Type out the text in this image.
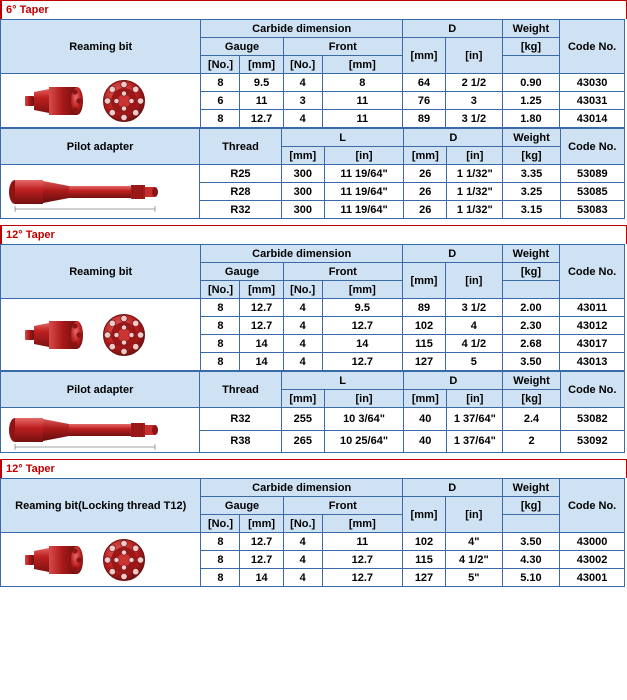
6° Taper
Reaming bit	Carbide dimension				D		Weight	Code No.
	Gauge		Front		[mm]	[in]	[kg]	
	[No.]	[mm]	[No.]	[mm]				

	8	9.5	4	8	64	2 1/2	0.90	43030
	6	11	3	11	76	3	1.25	43031
	8	12.7	4	11	89	3 1/2	1.80	43014
Pilot adapter	Thread	L		D		Weight	Code No.
		[mm]	[in]	[mm]	[in]	[kg]	

	R25	300	11 19/64"	26	1 1/32"	3.35	53089
	R28	300	11 19/64"	26	1 1/32"	3.25	53085
	R32	300	11 19/64"	26	1 1/32"	3.15	53083
12° Taper
Reaming bit	Carbide dimension				D		Weight	Code No.
	Gauge		Front		[mm]	[in]	[kg]	
	[No.]	[mm]	[No.]	[mm]				

	8	12.7	4	9.5	89	3 1/2	2.00	43011
	8	12.7	4	12.7	102	4	2.30	43012
	8	14	4	14	115	4 1/2	2.68	43017
	8	14	4	12.7	127	5	3.50	43013
Pilot adapter	Thread	L		D		Weight	Code No.
		[mm]	[in]	[mm]	[in]	[kg]	

	R32	255	10 3/64"	40	1 37/64"	2.4	53082
	R38	265	10 25/64"	40	1 37/64"	2	53092
12° Taper
Reaming bit(Locking thread T12)	Carbide dimension				D		Weight	Code No.
	Gauge		Front		[mm]	[in]	[kg]	
	[No.]	[mm]	[No.]	[mm]				

	8	12.7	4	11	102	4"	3.50	43000
	8	12.7	4	12.7	115	4 1/2"	4.30	43002
	8	14	4	12.7	127	5"	5.10	43001
